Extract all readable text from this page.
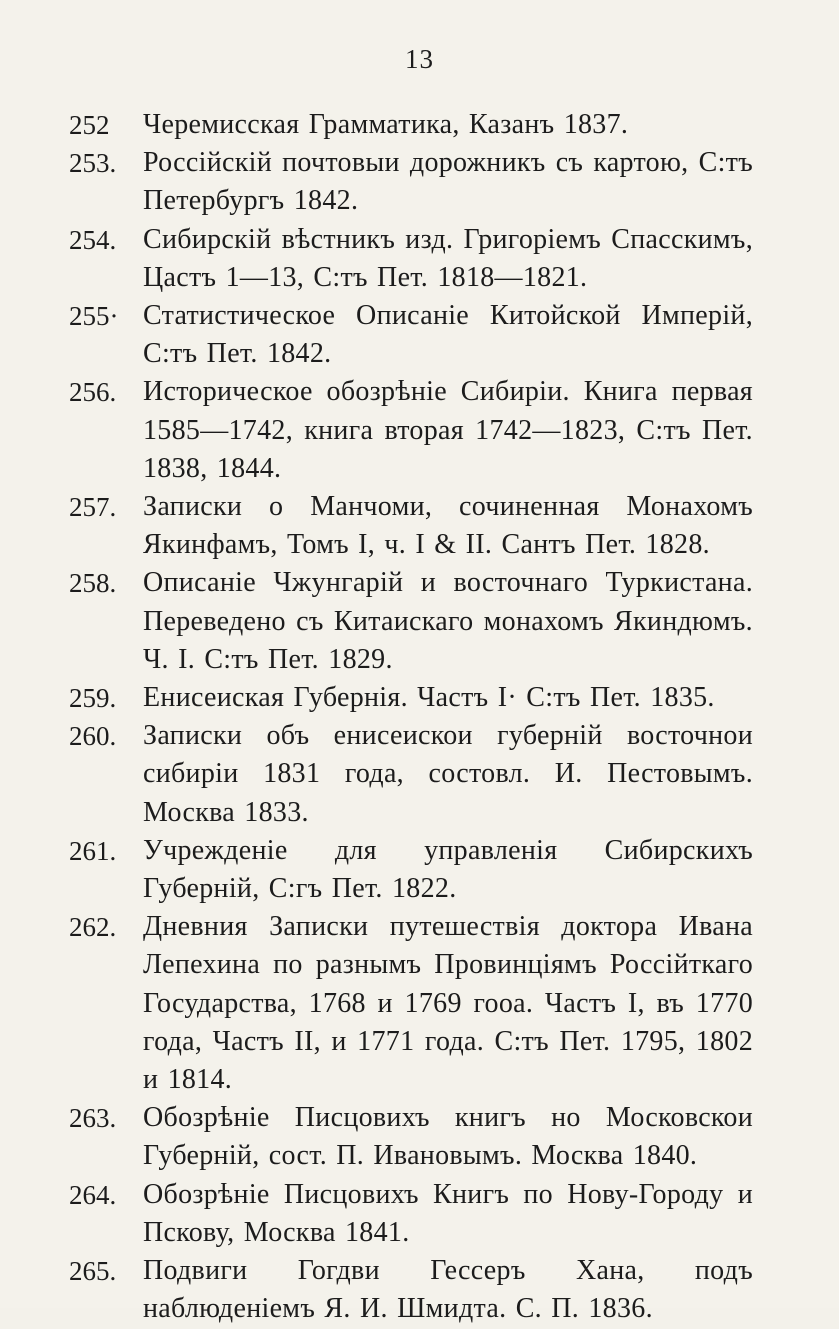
13
252	Черемисская Грамматика, Казанъ 1837.
253. Россійскій почтовыи дорожникъ съ картою, С:тъ Петербургъ 1842.
254. Сибирскій вѣстникъ изд. Григоріемъ Спасскимъ, Цастъ 1—13, С:тъ Пет. 1818—1821.
255· Статистическое Описаніе Китойской Имперій, С:тъ Пет. 1842.
256. Историческое обозрѣніе Сибиріи. Книга первая 1585—1742, книга вторая 1742—1823, С:тъ Пет. 1838, 1844.
257. Записки о Манчоми, сочиненная Монахомъ Якинфамъ, Томъ I, ч. I & II. Сантъ Пет. 1828.
258. Описаніе Чжунгарій и восточнаго Туркистана. Переведено съ Китаискаго монахомъ Якиндюмъ. Ч. I. С:тъ Пет. 1829.
259. Енисеиская Губернія. Частъ I· С:тъ Пет. 1835.
260. Записки объ енисеискои губерній восточнои сибиріи 1831 года, состовл. И. Пестовымъ. Москва 1833.
261. Учрежденіе для управленія Сибирскихъ Губерній, С:гъ Пет. 1822.
262. Дневния Записки путешествія доктора Ивана Лепехина по разнымъ Провинціямъ Россійткаго Государства, 1768 и 1769 гооа. Частъ I, въ 1770 года, Частъ II, и 1771 года. С:тъ Пет. 1795, 1802 и 1814.
263. Обозрѣніе Писцовихъ книгъ но Московскои Губерній, сост. П. Ивановымъ. Москва 1840.
264. Обозрѣніе Писцовихъ Книгъ по Нову-Городу и Пскову, Москва 1841.
265. Подвиги Гогдви Гессеръ Хана, подъ наблюденіемъ Я. И. Шмидта. С. П. 1836.
